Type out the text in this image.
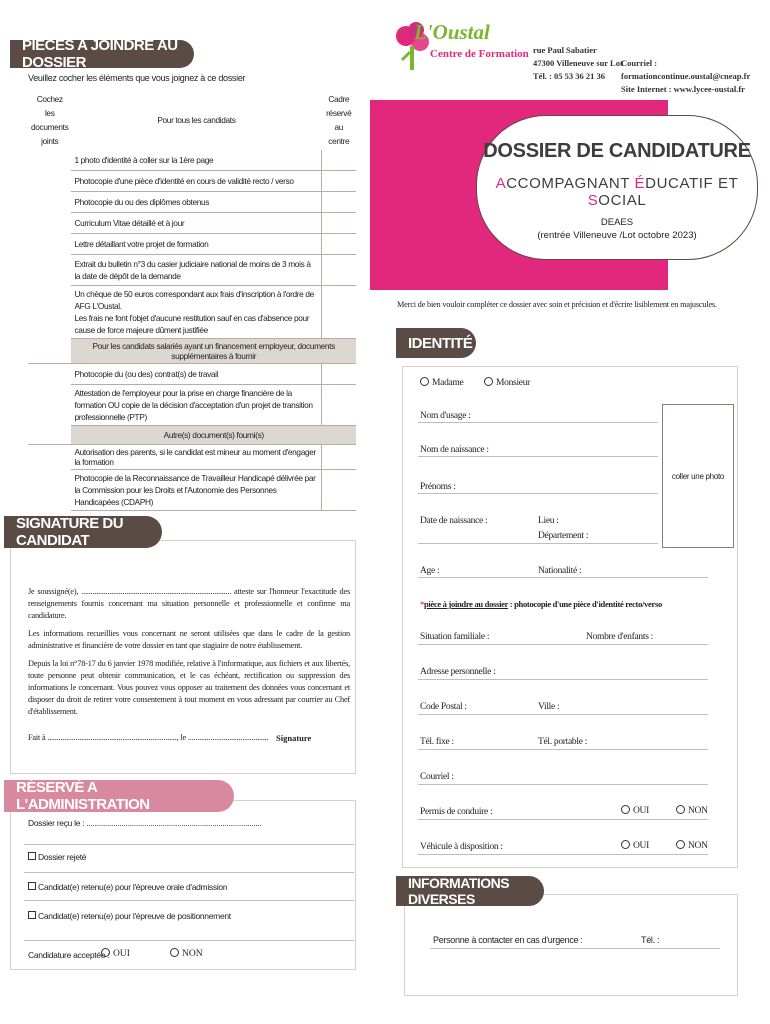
PIECES A JOINDRE AU DOSSIER
Veuillez cocher les éléments que vous joignez à ce dossier
Cochez les documents joints	Pour tous les candidats	Cadre réservé au centre
	1 photo d'identité à coller sur la 1ère page	
	Photocopie d'une pièce d'identité en cours de validité recto / verso	
	Photocopie du ou des diplômes obtenus	
	Curriculum Vitae détaillé et à jour	
	Lettre détaillant votre projet de formation	
	Extrait du bulletin n°3 du casier judiciaire national de moins de 3 mois à la date de dépôt de la demande	

	Un chèque de 50 euros correspondant aux frais d'inscription à l'ordre de AFG L'Oustal.
Les frais ne font l'objet d'aucune restitution sauf en cas d'absence pour cause de force majeure dûment justifiée	

	Pour les candidats salariés ayant un financement employeur, documents supplémentaires à fournir	
	Photocopie du (ou des) contrat(s) de travail	
	Attestation de l'employeur pour la prise en charge financière de la formation OU copie de la décision d'acceptation d'un projet de transition professionnelle (PTP)	
	Autre(s) document(s) fourni(s)	
	Autorisation des parents, si le candidat est mineur au moment d'engager la formation	
	Photocopie de la Reconnaissance de Travailleur Handicapé délivrée par la Commission pour les Droits et l'Autonomie des Personnes Handicapées (CDAPH)	
SIGNATURE DU CANDIDAT

Je soussigné(e), ................................................................................ atteste sur l'honneur l'exactitude des renseignements fournis concernant ma situation personnelle et professionnelle et confirme ma candidature.

Les informations recueillies vous concernant ne seront utilisées que dans le cadre de la gestion administrative et financière de votre dossier en tant que stagiaire de notre établissement.

Depuis la loi n°78-17 du 6 janvier 1978 modifiée, relative à l'informatique, aux fichiers et aux libertés, toute personne peut obtenir communication, et le cas échéant, rectification ou suppression des informations le concernant. Vous pouvez vous opposer au traitement des données vous concernant et disposer du droit de retirer votre consentement à tout moment en vous adressant par courrier au Chef d'établissement.

Fait à ....................................................................., le ........................................... Signature
RÉSERVÉ A L'ADMINISTRATION
Dossier reçu le : .....................................................................................
Dossier rejeté
Candidat(e) retenu(e) pour l'épreuve orale d'admission
Candidat(e) retenu(e) pour l'épreuve de positionnement
Candidature acceptée : OUI	NON
L'Oustal
Centre de Formation rue Paul Sabatier
47300 Villeneuve sur Lot
Tél. : 05 53 36 21 36
Courriel : formationcontinue.oustal@cneap.fr
Site Internet : www.lycee-oustal.fr
DOSSIER DE CANDIDATURE
ACCOMPAGNANT ÉDUCATIF ET SOCIAL
DEAES
(rentrée Villeneuve /Lot octobre 2023)
Merci de bien vouloir compléter ce dossier avec soin et précision et d'écrire lisiblement en majuscules.
IDENTITÉ
Madame	Monsieur
Nom d'usage :
Nom de naissance :
Prénoms :
coller une photo
Date de naissance :	Lieu :
Département :
Age :	Nationalité :
*pièce à joindre au dossier : photocopie d'une pièce d'identité recto/verso
Situation familiale :	Nombre d'enfants :
Adresse personnelle :
Code Postal :	Ville :
Tél. fixe :	Tél. portable :
Courriel :
Permis de conduire :	OUI	NON
Véhicule à disposition :	OUI	NON
INFORMATIONS DIVERSES
Personne à contacter en cas d'urgence :	Tél. :
